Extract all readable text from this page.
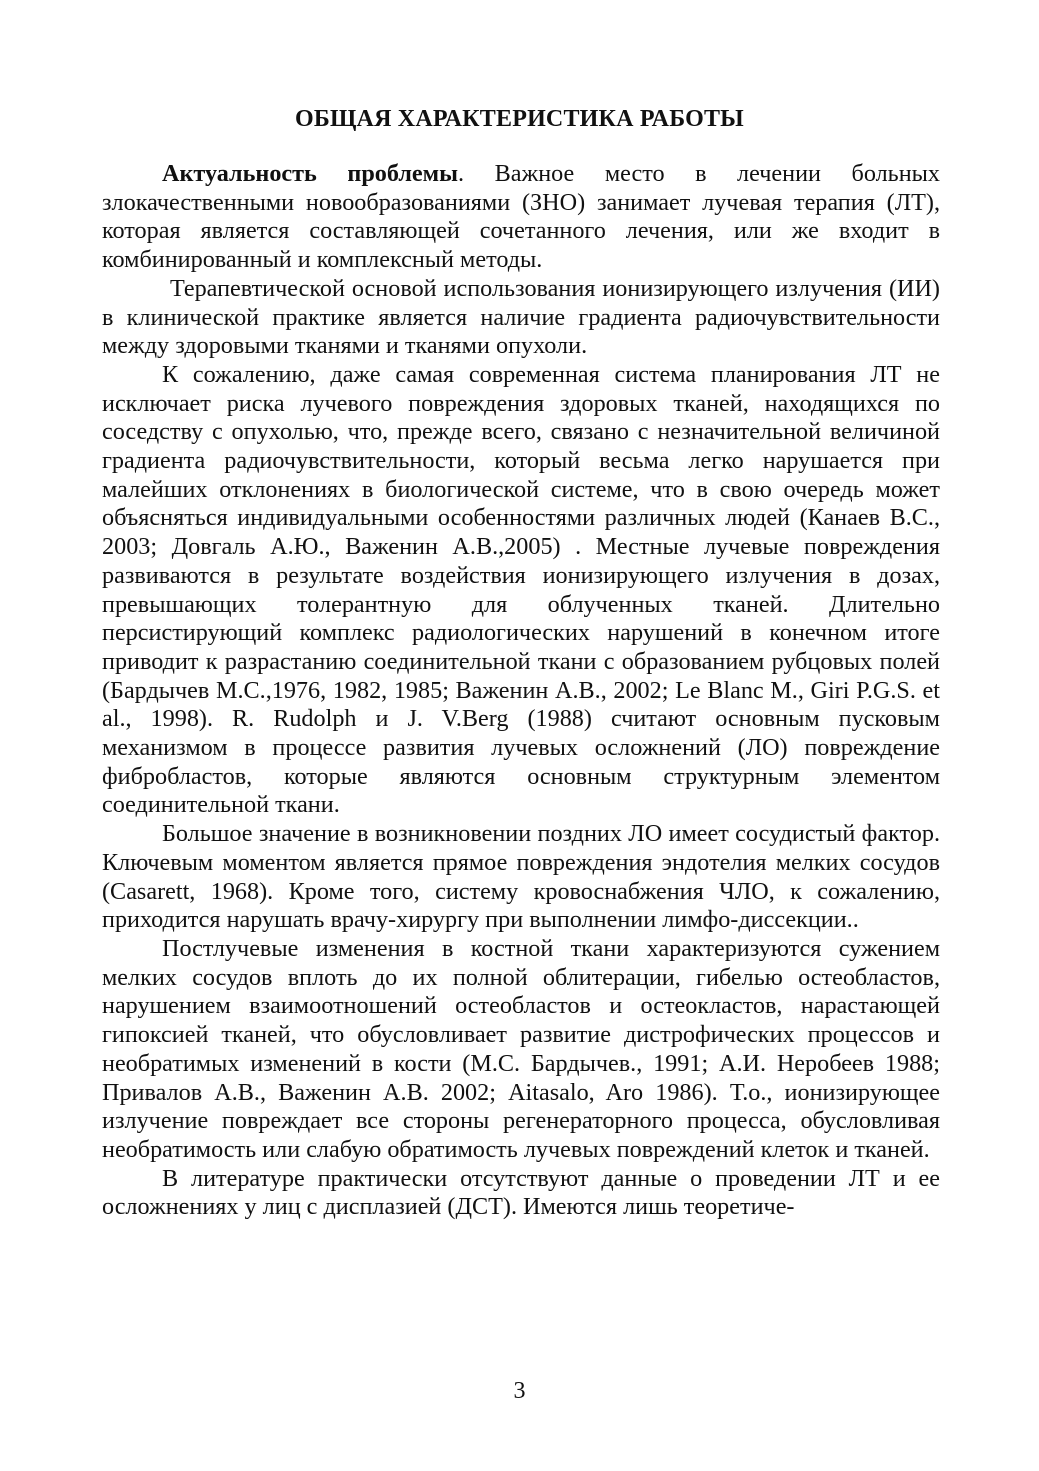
ОБЩАЯ ХАРАКТЕРИСТИКА РАБОТЫ

Актуальность проблемы. Важное место в лечении больных злокачественными новообразованиями (ЗНО) занимает лучевая терапия (ЛТ), которая является составляющей сочетанного лечения, или же входит в комбинированный и комплексный методы.

Терапевтической основой использования ионизирующего излучения (ИИ) в клинической практике является наличие градиента радиочувствительности между здоровыми тканями и тканями опухоли.

К сожалению, даже самая современная система планирования ЛТ не исключает риска лучевого повреждения здоровых тканей, находящихся по соседству с опухолью, что, прежде всего, связано с незначительной величиной градиента радиочувствительности, который весьма легко нарушается при малейших отклонениях в биологической системе, что в свою очередь может объясняться индивидуальными особенностями различных людей (Канаев В.С., 2003; Довгаль А.Ю., Важенин А.В.,2005) . Местные лучевые повреждения развиваются в результате воздействия ионизирующего излучения в дозах, превышающих толерантную для облученных тканей. Длительно персистирующий комплекс радиологических нарушений в конечном итоге приводит к разрастанию соединительной ткани с образованием рубцовых полей (Бардычев М.С.,1976, 1982, 1985; Важенин А.В., 2002; Le Blanc M., Giri P.G.S. et al., 1998). R. Rudolph и J. V.Berg (1988) считают основным пусковым механизмом в процессе развития лучевых осложнений (ЛО) повреждение фибробластов, которые являются основным структурным элементом соединительной ткани.

Большое значение в возникновении поздних ЛО имеет сосудистый фактор. Ключевым моментом является прямое повреждения эндотелия мелких сосудов (Casarett, 1968). Кроме того, систему кровоснабжения ЧЛО, к сожалению, приходится нарушать врачу-хирургу при выполнении лимфо-диссекции..

Постлучевые изменения в костной ткани характеризуются сужением мелких сосудов вплоть до их полной облитерации, гибелью остеобластов, нарушением взаимоотношений остеобластов и остеокластов, нарастающей гипоксией тканей, что обусловливает развитие дистрофических процессов и необратимых изменений в кости (М.С. Бардычев., 1991; А.И. Неробеев 1988; Привалов А.В., Важенин А.В. 2002; Aitasalo, Aro 1986). Т.о., ионизирующее излучение повреждает все стороны регенераторного процесса, обусловливая необратимость или слабую обратимость лучевых повреждений клеток и тканей.

В литературе практически отсутствуют данные о проведении ЛТ и ее осложнениях у лиц с дисплазией (ДСТ). Имеются лишь теоретиче-

3
